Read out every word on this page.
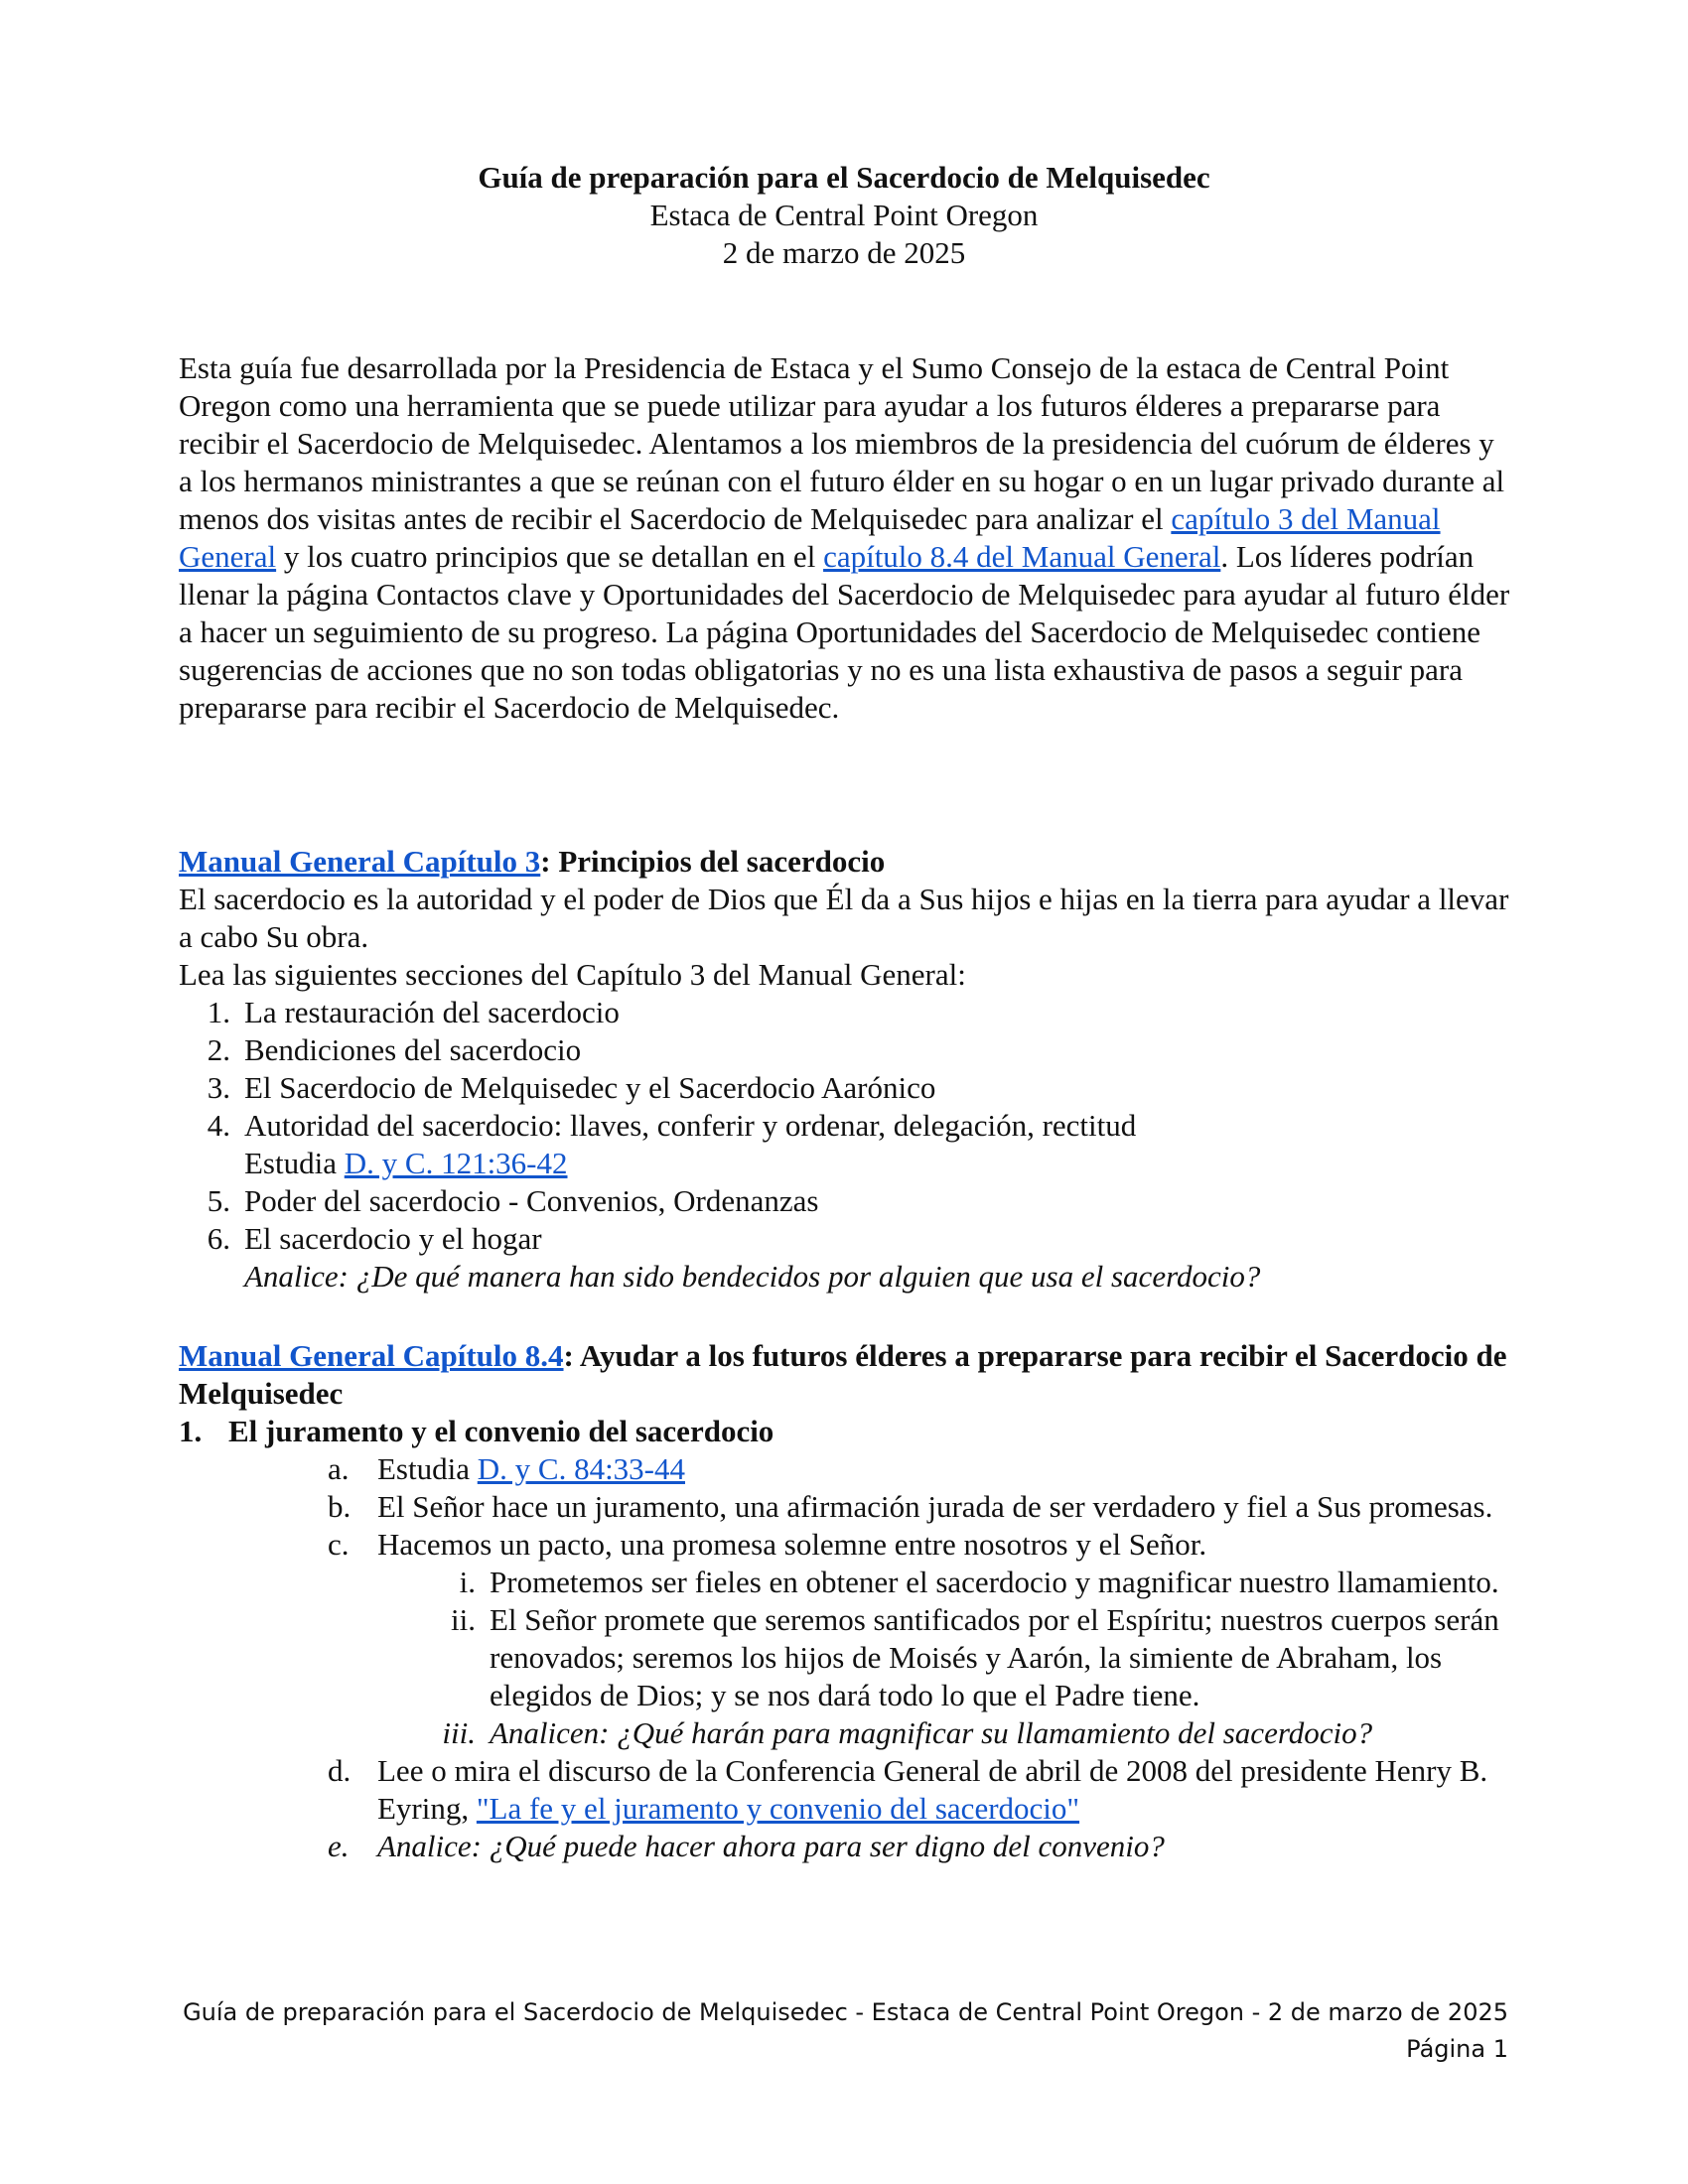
Guía de preparación para el Sacerdocio de Melquisedec
Estaca de Central Point Oregon
2 de marzo de 2025

Esta guía fue desarrollada por la Presidencia de Estaca y el Sumo Consejo de la estaca de Central Point Oregon como una herramienta que se puede utilizar para ayudar a los futuros élderes a prepararse para recibir el Sacerdocio de Melquisedec. Alentamos a los miembros de la presidencia del cuórum de élderes y a los hermanos ministrantes a que se reúnan con el futuro élder en su hogar o en un lugar privado durante al menos dos visitas antes de recibir el Sacerdocio de Melquisedec para analizar el capítulo 3 del Manual General y los cuatro principios que se detallan en el capítulo 8.4 del Manual General. Los líderes podrían llenar la página Contactos clave y Oportunidades del Sacerdocio de Melquisedec para ayudar al futuro élder a hacer un seguimiento de su progreso. La página Oportunidades del Sacerdocio de Melquisedec contiene sugerencias de acciones que no son todas obligatorias y no es una lista exhaustiva de pasos a seguir para prepararse para recibir el Sacerdocio de Melquisedec.

Manual General Capítulo 3: Principios del sacerdocio
El sacerdocio es la autoridad y el poder de Dios que Él da a Sus hijos e hijas en la tierra para ayudar a llevar a cabo Su obra.
Lea las siguientes secciones del Capítulo 3 del Manual General:
1. La restauración del sacerdocio
2. Bendiciones del sacerdocio
3. El Sacerdocio de Melquisedec y el Sacerdocio Aarónico
4. Autoridad del sacerdocio: llaves, conferir y ordenar, delegación, rectitud
Estudia D. y C. 121:36-42
5. Poder del sacerdocio - Convenios, Ordenanzas
6. El sacerdocio y el hogar
Analice: ¿De qué manera han sido bendecidos por alguien que usa el sacerdocio?
Manual General Capítulo 8.4: Ayudar a los futuros élderes a prepararse para recibir el Sacerdocio de Melquisedec
1. El juramento y el convenio del sacerdocio
a. Estudia D. y C. 84:33-44
b. El Señor hace un juramento, una afirmación jurada de ser verdadero y fiel a Sus promesas.
c. Hacemos un pacto, una promesa solemne entre nosotros y el Señor.
i. Prometemos ser fieles en obtener el sacerdocio y magnificar nuestro llamamiento.
ii. El Señor promete que seremos santificados por el Espíritu; nuestros cuerpos serán renovados; seremos los hijos de Moisés y Aarón, la simiente de Abraham, los elegidos de Dios; y se nos dará todo lo que el Padre tiene.
iii. Analicen: ¿Qué harán para magnificar su llamamiento del sacerdocio?
d. Lee o mira el discurso de la Conferencia General de abril de 2008 del presidente Henry B. Eyring, "La fe y el juramento y convenio del sacerdocio"
e. Analice: ¿Qué puede hacer ahora para ser digno del convenio?
Guía de preparación para el Sacerdocio de Melquisedec - Estaca de Central Point Oregon - 2 de marzo de 2025
Página 1
